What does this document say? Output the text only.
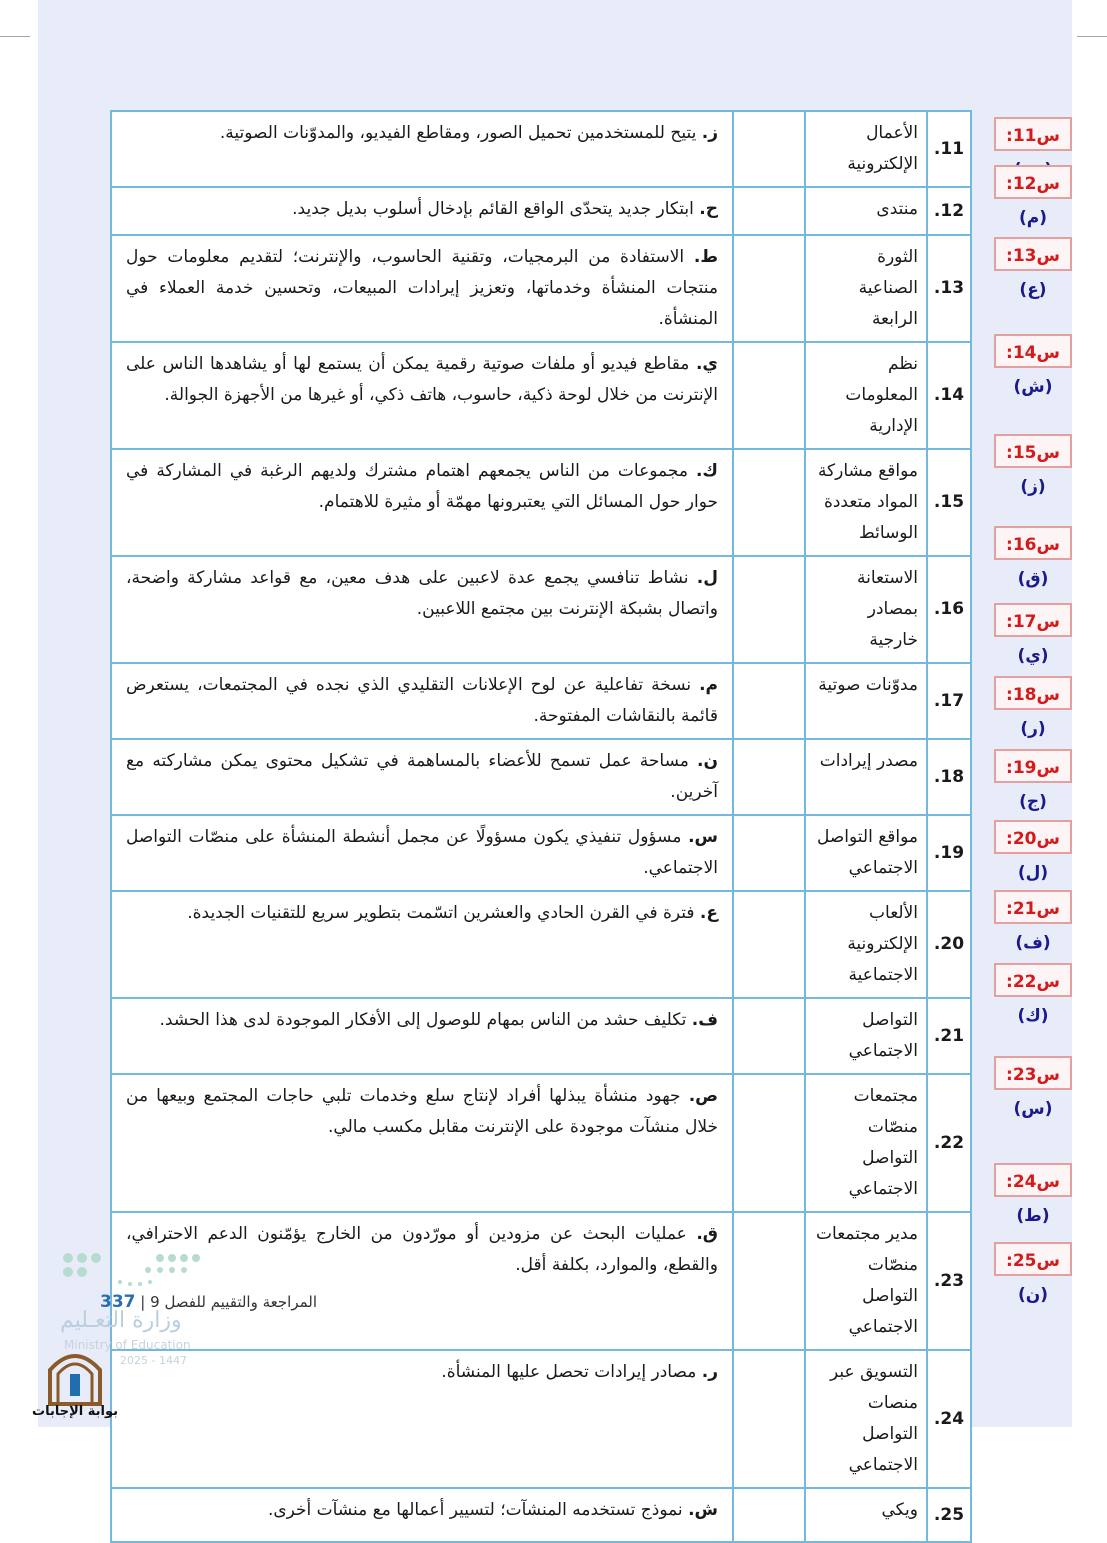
11.	الأعمال الإلكترونية		ز. يتيح للمستخدمين تحميل الصور، ومقاطع الفيديو، والمدوّنات الصوتية.
12.	منتدى		ح. ابتكار جديد يتحدّى الواقع القائم بإدخال أسلوب بديل جديد.
13.	الثورة الصناعية الرابعة		ط. الاستفادة من البرمجيات، وتقنية الحاسوب، والإنترنت؛ لتقديم معلومات حول منتجات المنشأة وخدماتها، وتعزيز إيرادات المبيعات، وتحسين خدمة العملاء في المنشأة.
14.	نظم المعلومات الإدارية		ي. مقاطع فيديو أو ملفات صوتية رقمية يمكن أن يستمع لها أو يشاهدها الناس على الإنترنت من خلال لوحة ذكية، حاسوب، هاتف ذكي، أو غيرها من الأجهزة الجوالة.
15.	مواقع مشاركة المواد متعددة الوسائط		ك. مجموعات من الناس يجمعهم اهتمام مشترك ولديهم الرغبة في المشاركة في حوار حول المسائل التي يعتبرونها مهمّة أو مثيرة للاهتمام.
16.	الاستعانة بمصادر خارجية		ل. نشاط تنافسي يجمع عدة لاعبين على هدف معين، مع قواعد مشاركة واضحة، واتصال بشبكة الإنترنت بين مجتمع اللاعبين.
17.	مدوّنات صوتية		م. نسخة تفاعلية عن لوح الإعلانات التقليدي الذي نجده في المجتمعات، يستعرض قائمة بالنقاشات المفتوحة.
18.	مصدر إيرادات		ن. مساحة عمل تسمح للأعضاء بالمساهمة في تشكيل محتوى يمكن مشاركته مع آخرين.
19.	مواقع التواصل الاجتماعي		س. مسؤول تنفيذي يكون مسؤولًا عن مجمل أنشطة المنشأة على منصّات التواصل الاجتماعي.
20.	الألعاب الإلكترونية الاجتماعية		ع. فترة في القرن الحادي والعشرين اتسّمت بتطوير سريع للتقنيات الجديدة.
21.	التواصل الاجتماعي		ف. تكليف حشد من الناس بمهام للوصول إلى الأفكار الموجودة لدى هذا الحشد.
22.	مجتمعات منصّات التواصل الاجتماعي		ص. جهود منشأة يبذلها أفراد لإنتاج سلع وخدمات تلبي حاجات المجتمع وبيعها من خلال منشآت موجودة على الإنترنت مقابل مكسب مالي.
23.	مدير مجتمعات منصّات التواصل الاجتماعي		ق. عمليات البحث عن مزودين أو مورّدون من الخارج يؤمّنون الدعم الاحترافي، والقطع، والموارد، بكلفة أقل.
24.	التسويق عبر منصات التواصل الاجتماعي		ر. مصادر إيرادات تحصل عليها المنشأة.
25.	ويكي		ش. نموذج تستخدمه المنشآت؛ لتسيير أعمالها مع منشآت أخرى.
س11:
س12: (م)
س13: (ع)
س14: (ش)
س15: (ز)
س16: (ق)
س17: (ي)
س18: (ر)
س19: (ج)
س20: (ل)
س21: (ف)
س22: (ك)
س23: (س)
س24: (ط)
س25: (ن)
المراجعة والتقييم للفصل 9 | 337
وزارة التعـليم
Ministry of Education
2025 - 1447
بوابة الإجابات
